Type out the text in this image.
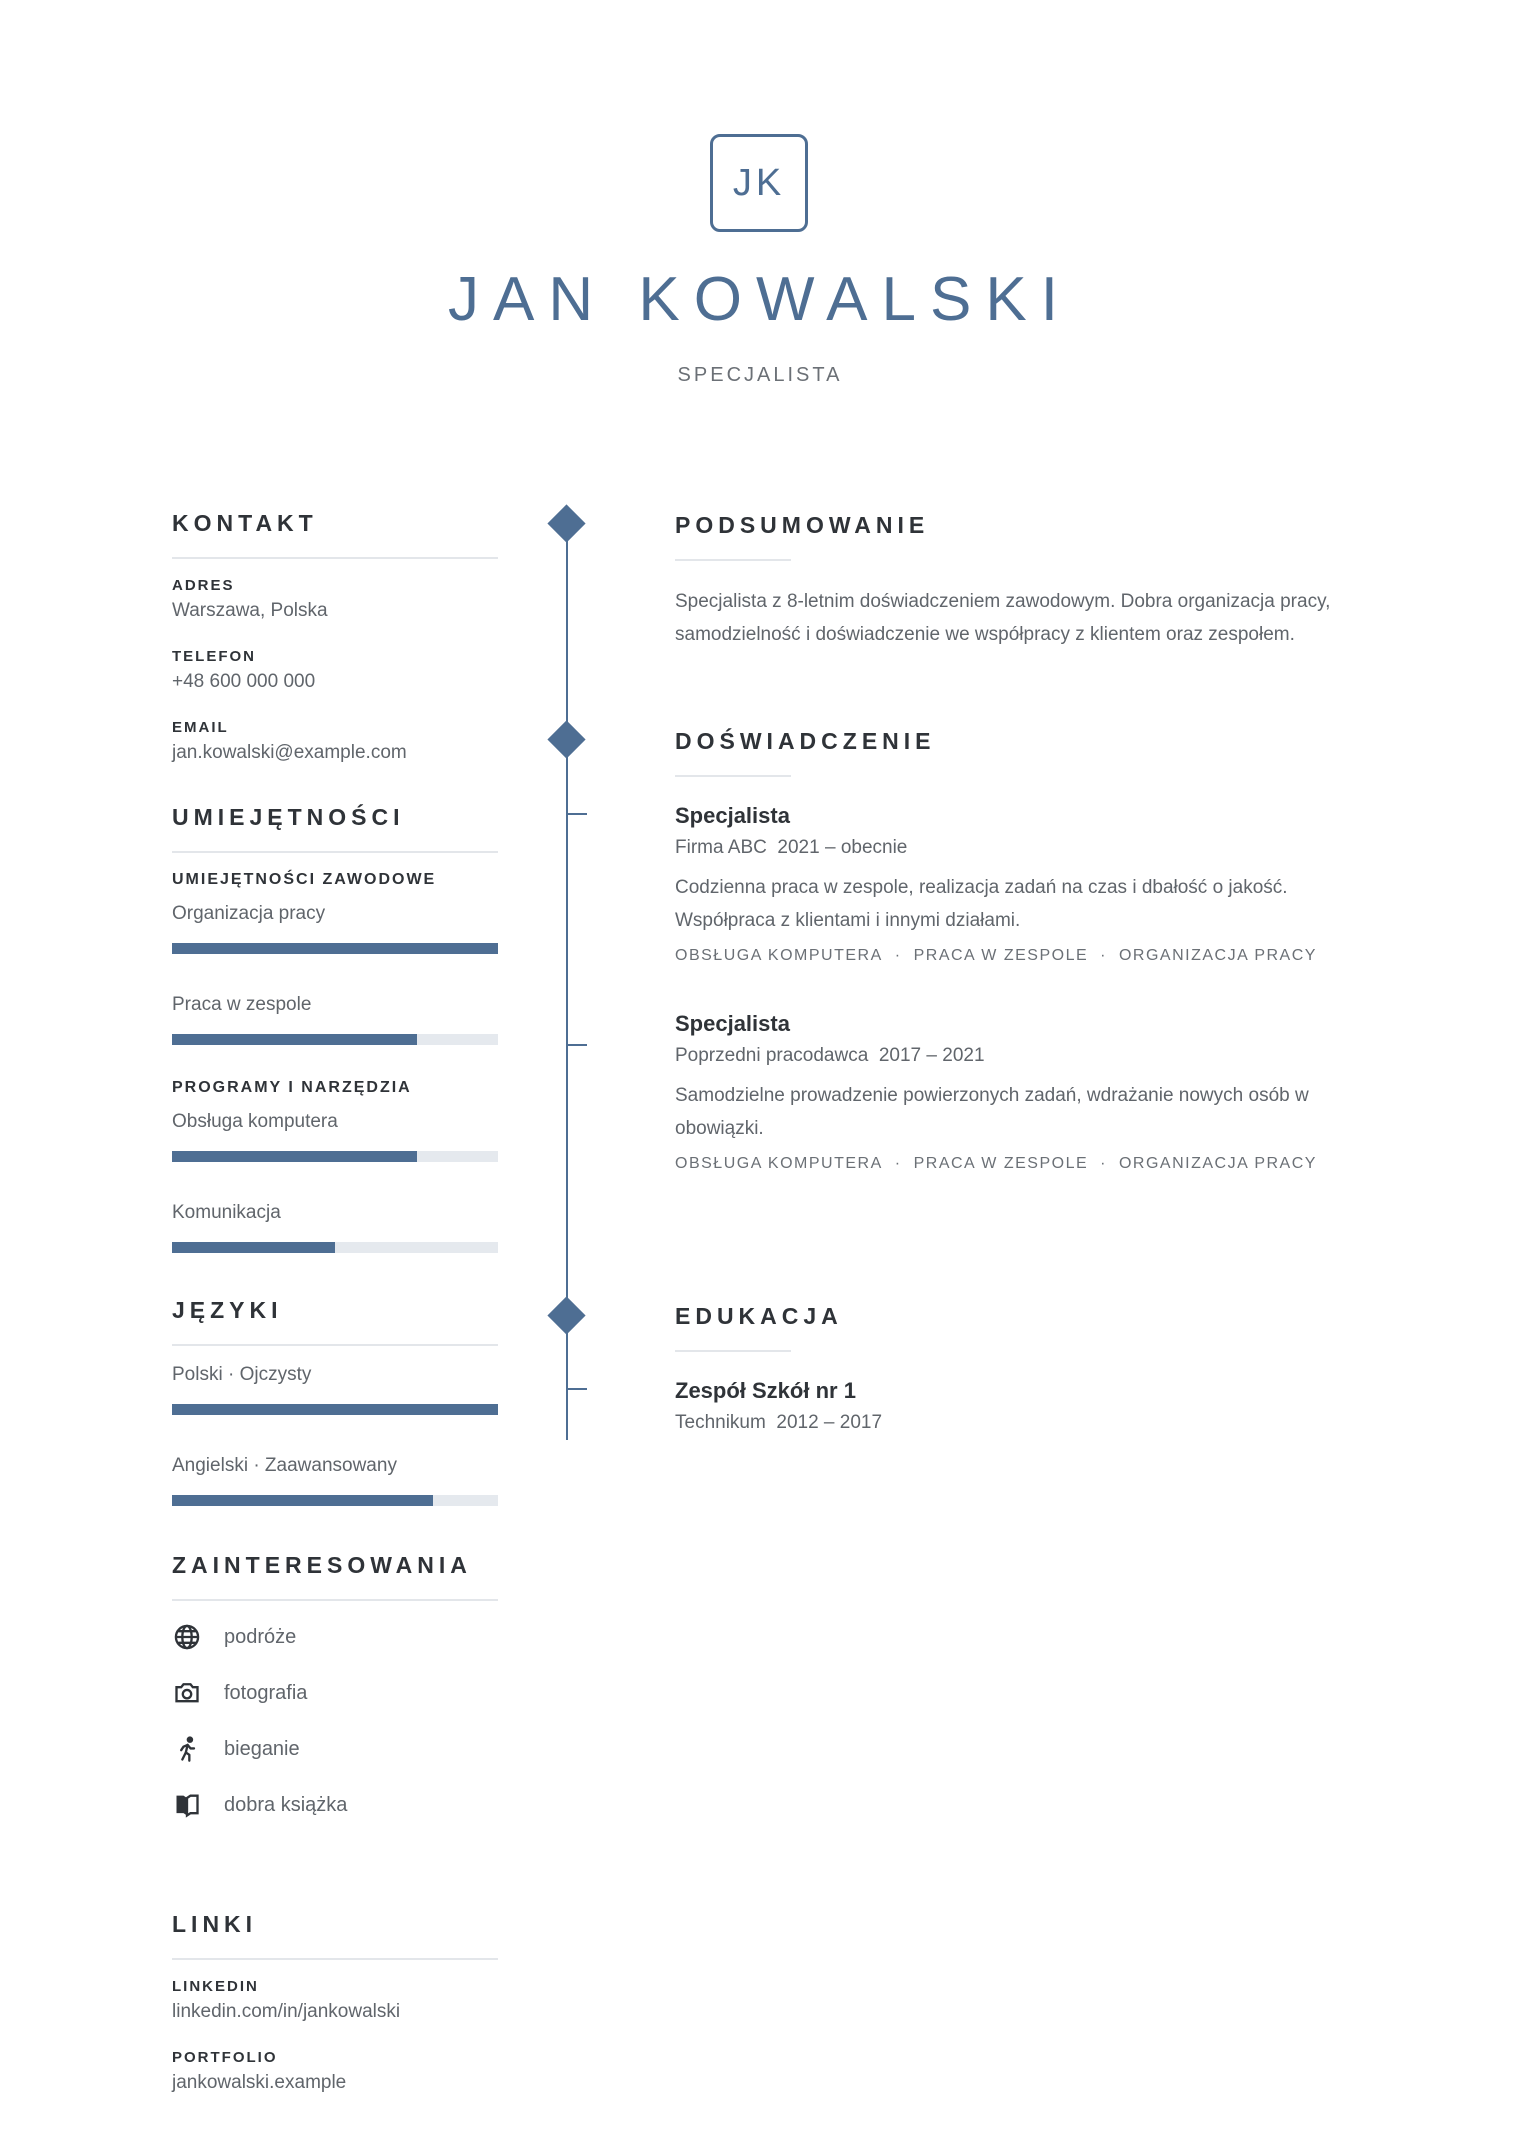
JK
JAN KOWALSKI
SPECJALISTA
KONTAKT
ADRES
Warszawa, Polska
TELEFON
+48 600 000 000
EMAIL
jan.kowalski@example.com
UMIEJĘTNOŚCI
UMIEJĘTNOŚCI ZAWODOWE
Organizacja pracy
Praca w zespole
PROGRAMY I NARZĘDZIA
Obsługa komputera
Komunikacja
JĘZYKI
Polski · Ojczysty
Angielski · Zaawansowany
ZAINTERESOWANIA
podróże
fotografia
bieganie
dobra książka
LINKI
LINKEDIN
linkedin.com/in/jankowalski
PORTFOLIO
jankowalski.example
PODSUMOWANIE
Specjalista z 8-letnim doświadczeniem zawodowym. Dobra organizacja pracy, samodzielność i doświadczenie we współpracy z klientem oraz zespołem.
DOŚWIADCZENIE
Specjalista
Firma ABC 2021 – obecnie
Codzienna praca w zespole, realizacja zadań na czas i dbałość o jakość. Współpraca z klientami i innymi działami.
OBSŁUGA KOMPUTERA · PRACA W ZESPOLE · ORGANIZACJA PRACY
Specjalista
Poprzedni pracodawca 2017 – 2021
Samodzielne prowadzenie powierzonych zadań, wdrażanie nowych osób w obowiązki.
OBSŁUGA KOMPUTERA · PRACA W ZESPOLE · ORGANIZACJA PRACY
EDUKACJA
Zespół Szkół nr 1
Technikum 2012 – 2017
